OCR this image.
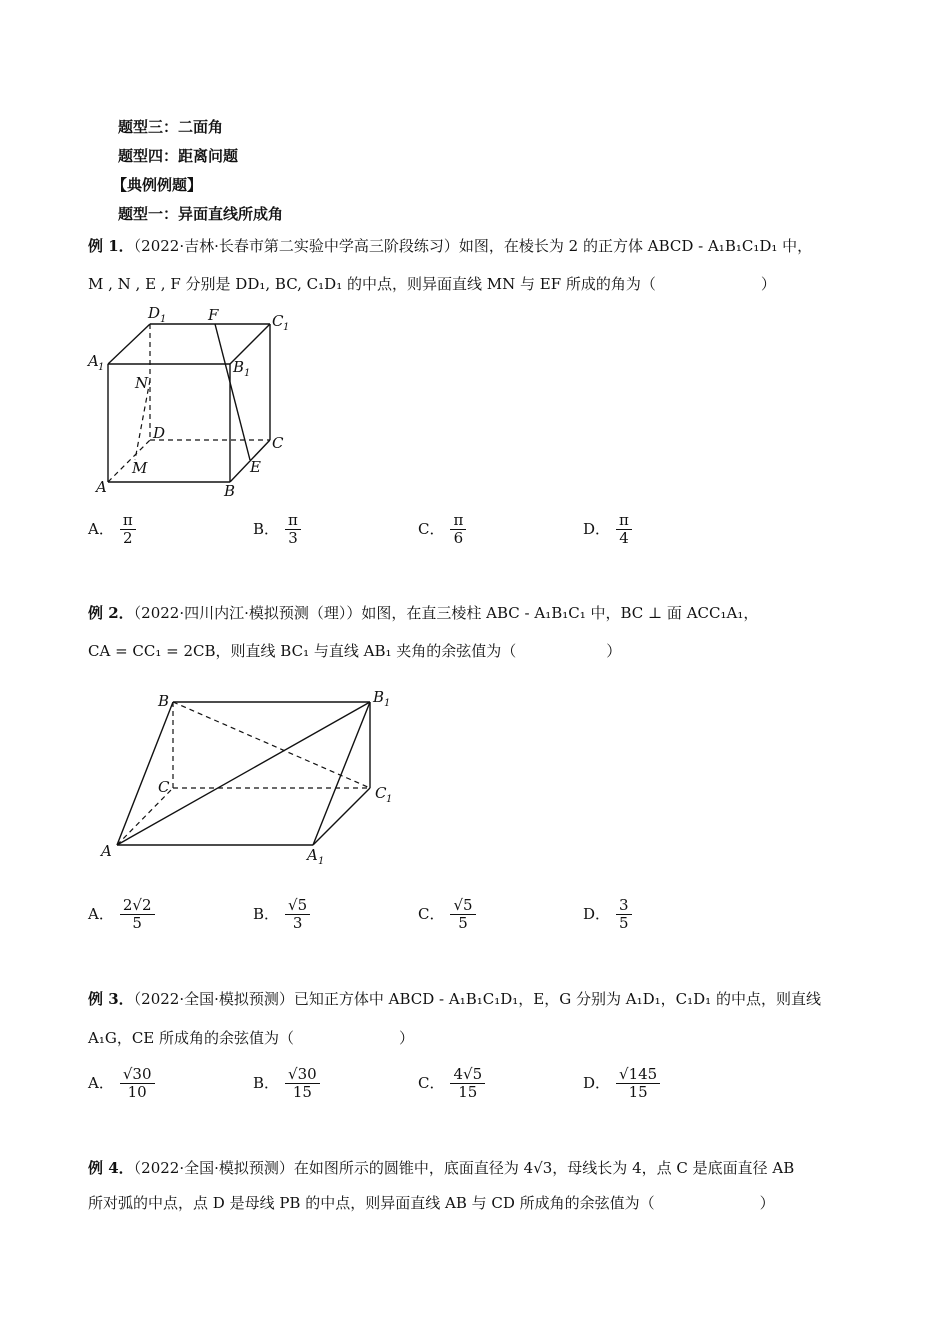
题型三：二面角
题型四：距离问题
【典例例题】
题型一：异面直线所成角
例 1．（2022·吉林·长春市第二实验中学高三阶段练习）如图，在棱长为 2 的正方体 ABCD - A₁B₁C₁D₁ 中，
M , N , E , F 分别是 DD₁, BC, C₁D₁ 的中点，则异面直线 MN 与 EF 所成的角为（　　　　　　　）
D 1	F	C 1
A 1	B 1
N
D
C
M	E
A	B
A． $\frac{\pi}{2}$	B． $\frac{\pi}{3}$	C． $\frac{\pi}{6}$	D． $\frac{\pi}{4}$
例 2．（2022·四川内江·模拟预测（理））如图，在直三棱柱 ABC - A₁B₁C₁ 中，BC ⊥ 面 ACC₁A₁，
CA = CC₁ = 2CB，则直线 BC₁ 与直线 AB₁ 夹角的余弦值为（　　　　　　）
B	B 1
C	C 1
A	A 1
A． $\frac{2√2}{5}$	B． $\frac{√5}{3}$	C． $\frac{√5}{5}$	D． $\frac{3}{5}$
例 3．（2022·全国·模拟预测）已知正方体中 ABCD - A₁B₁C₁D₁，E，G 分别为 A₁D₁，C₁D₁ 的中点，则直线
A₁G，CE 所成角的余弦值为（　　　　　　　）
A． $\frac{√30}{10}$	B． $\frac{√30}{15}$	C． $\frac{4√5}{15}$	D． $\frac{√145}{15}$
例 4．（2022·全国·模拟预测）在如图所示的圆锥中，底面直径为 4√3，母线长为 4，点 C 是底面直径 AB
所对弧的中点，点 D 是母线 PB 的中点，则异面直线 AB 与 CD 所成角的余弦值为（　　　　　　　）
